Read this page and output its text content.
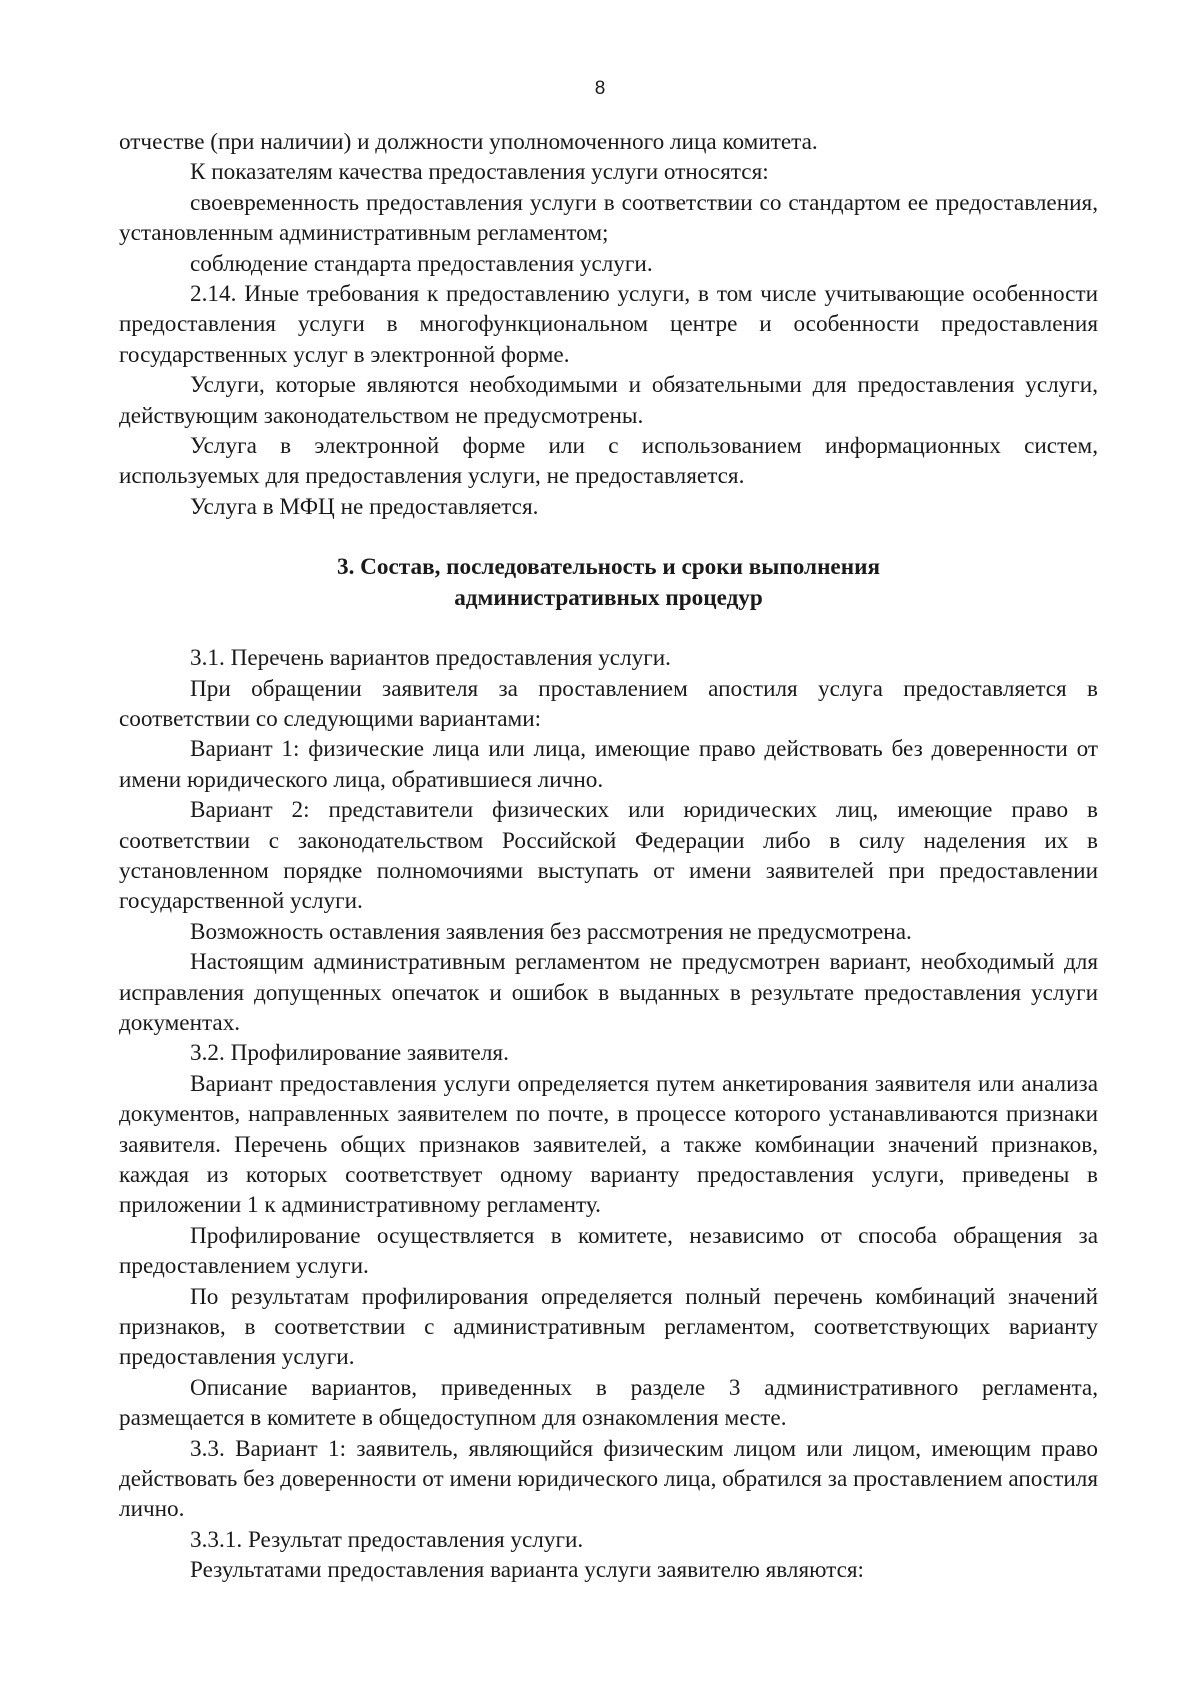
8

отчестве (при наличии) и должности уполномоченного лица комитета.

К показателям качества предоставления услуги относятся:

своевременность предоставления услуги в соответствии со стандартом ее предоставления, установленным административным регламентом;

соблюдение стандарта предоставления услуги.

2.14. Иные требования к предоставлению услуги, в том числе учитывающие особенности предоставления услуги в многофункциональном центре и особенности предоставления государственных услуг в электронной форме.

Услуги, которые являются необходимыми и обязательными для предоставления услуги, действующим законодательством не предусмотрены.

Услуга в электронной форме или с использованием информационных систем, используемых для предоставления услуги, не предоставляется.

Услуга в МФЦ не предоставляется.

3. Состав, последовательность и сроки выполнения

административных процедур

3.1. Перечень вариантов предоставления услуги.

При обращении заявителя за проставлением апостиля услуга предоставляется в соответствии со следующими вариантами:

Вариант 1: физические лица или лица, имеющие право действовать без доверенности от имени юридического лица, обратившиеся лично.

Вариант 2: представители физических или юридических лиц, имеющие право в соответствии с законодательством Российской Федерации либо в силу наделения их в установленном порядке полномочиями выступать от имени заявителей при предоставлении государственной услуги.

Возможность оставления заявления без рассмотрения не предусмотрена.

Настоящим административным регламентом не предусмотрен вариант, необходимый для исправления допущенных опечаток и ошибок в выданных в результате предоставления услуги документах.

3.2. Профилирование заявителя.

Вариант предоставления услуги определяется путем анкетирования заявителя или анализа документов, направленных заявителем по почте, в процессе которого устанавливаются признаки заявителя. Перечень общих признаков заявителей, а также комбинации значений признаков, каждая из которых соответствует одному варианту предоставления услуги, приведены в приложении 1 к административному регламенту.

Профилирование осуществляется в комитете, независимо от способа обращения за предоставлением услуги.

По результатам профилирования определяется полный перечень комбинаций значений признаков, в соответствии с административным регламентом, соответствующих варианту предоставления услуги.

Описание вариантов, приведенных в разделе 3 административного регламента, размещается в комитете в общедоступном для ознакомления месте.

3.3. Вариант 1: заявитель, являющийся физическим лицом или лицом, имеющим право действовать без доверенности от имени юридического лица, обратился за проставлением апостиля лично.

3.3.1. Результат предоставления услуги.

Результатами предоставления варианта услуги заявителю являются:
